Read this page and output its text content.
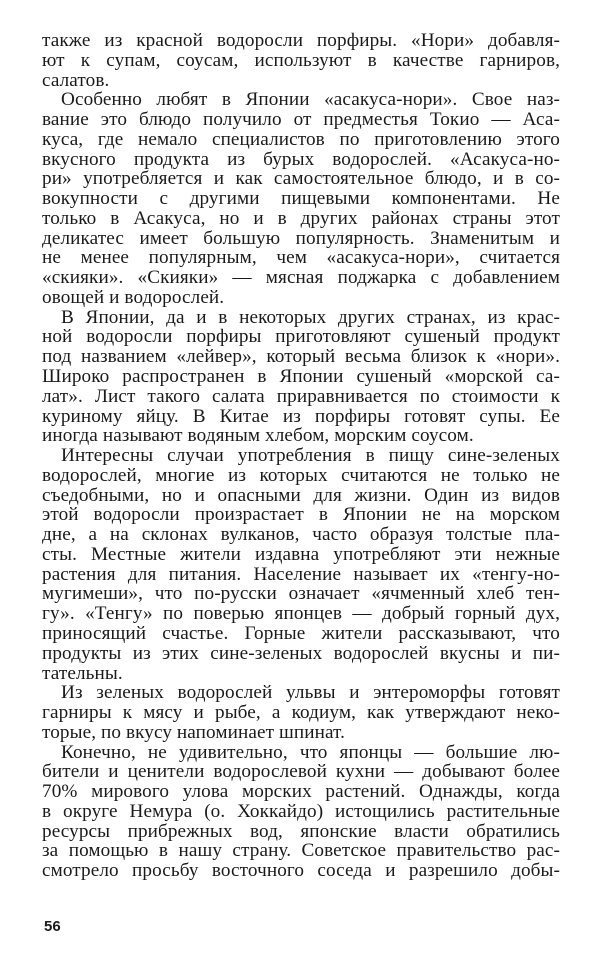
также из красной водоросли порфиры. «Нори» добавля-
ют к супам, соусам, используют в качестве гарниров,
салатов.
Особенно любят в Японии «асакуса-нори». Свое наз-
вание это блюдо получило от предместья Токио — Аса-
куса, где немало специалистов по приготовлению этого
вкусного продукта из бурых водорослей. «Асакуса-но-
ри» употребляется и как самостоятельное блюдо, и в со-
вокупности с другими пищевыми компонентами. Не
только в Асакуса, но и в других районах страны этот
деликатес имеет большую популярность. Знаменитым и
не менее популярным, чем «асакуса-нори», считается
«скияки». «Скияки» — мясная поджарка с добавлением
овощей и водорослей.
В Японии, да и в некоторых других странах, из крас-
ной водоросли порфиры приготовляют сушеный продукт
под названием «лейвер», который весьма близок к «нори».
Широко распространен в Японии сушеный «морской са-
лат». Лист такого салата приравнивается по стоимости к
куриному яйцу. В Китае из порфиры готовят супы. Ее
иногда называют водяным хлебом, морским соусом.
Интересны случаи употребления в пищу сине-зеленых
водорослей, многие из которых считаются не только не
съедобными, но и опасными для жизни. Один из видов
этой водоросли произрастает в Японии не на морском
дне, а на склонах вулканов, часто образуя толстые пла-
сты. Местные жители издавна употребляют эти нежные
растения для питания. Население называет их «тенгу-но-
мугимеши», что по-русски означает «ячменный хлеб тен-
гу». «Тенгу» по поверью японцев — добрый горный дух,
приносящий счастье. Горные жители рассказывают, что
продукты из этих сине-зеленых водорослей вкусны и пи-
тательны.
Из зеленых водорослей ульвы и энтероморфы готовят
гарниры к мясу и рыбе, а кодиум, как утверждают неко-
торые, по вкусу напоминает шпинат.
Конечно, не удивительно, что японцы — большие лю-
бители и ценители водорослевой кухни — добывают более
70% мирового улова морских растений. Однажды, когда
в округе Немура (о. Хоккайдо) истощились растительные
ресурсы прибрежных вод, японские власти обратились
за помощью в нашу страну. Советское правительство рас-
смотрело просьбу восточного соседа и разрешило добы-
56
